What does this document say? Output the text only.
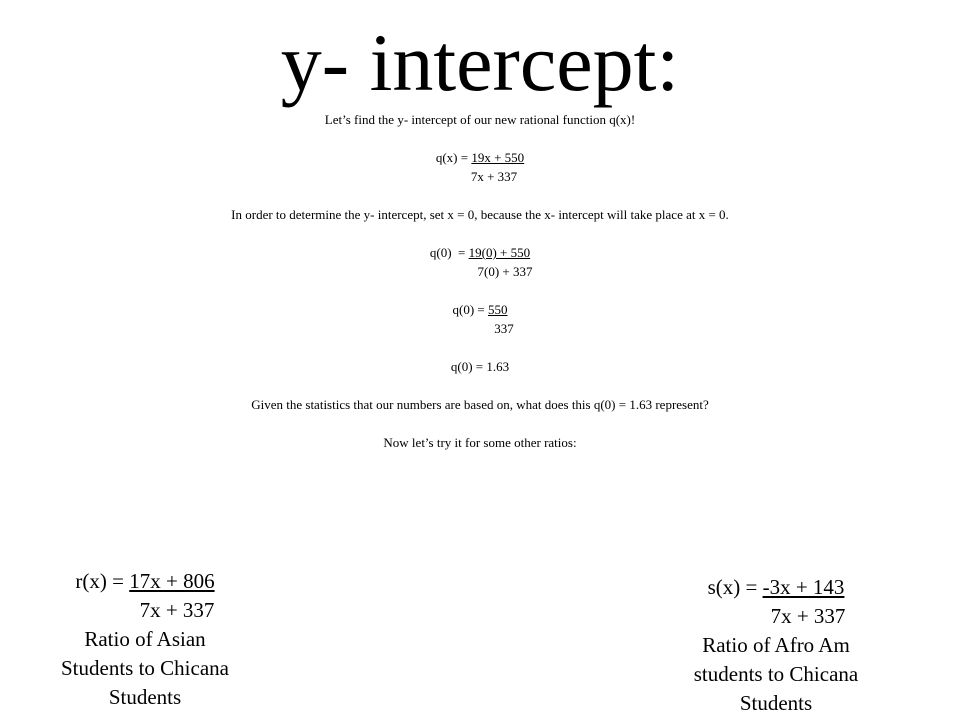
y- intercept:
Let’s find the y- intercept of our new rational function q(x)!
q(x) = 19x + 550
7x + 337
In order to determine the y- intercept, set x = 0, because the x- intercept will take place at x = 0.
q(0)  = 19(0) + 550
7(0) + 337
q(0) = 550
337
q(0) = 1.63
Given the statistics that our numbers are based on, what does this q(0) = 1.63 represent?
Now let’s try it for some other ratios:
r(x) = 17x + 806
7x + 337
Ratio of Asian
Students to Chicana
Students
s(x) = -3x + 143
7x + 337
Ratio of Afro Am
students to Chicana
Students
